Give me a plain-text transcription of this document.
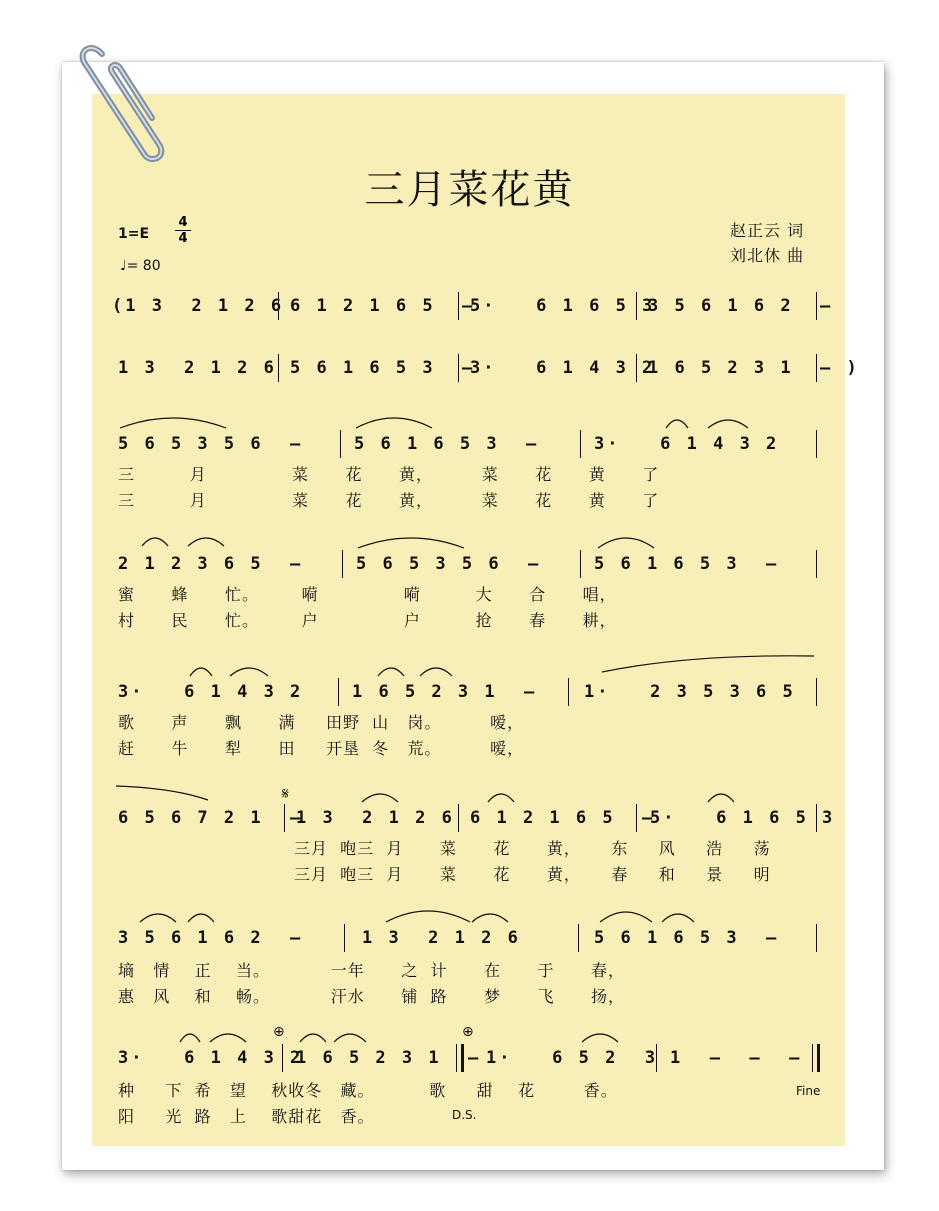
三月菜花黄
1=E
4
4
♩= 80
赵正云 词
刘北休 曲
(1 3  2 1 2 6 6 1 2 1 6 5  –
5·   6 1 6 5 3
3 5 6 1 6 2  –
1 3  2 1 2 6 5 6 1 6 5 3  –
3·   6 1 4 3 2
1 6 5 2 3 1  – )
5 6 5 3 5 6  –	5 6 1 6 5 3  –	3·   6 1 4 3 2
三         月              菜      花      黄，        菜      花      黄      了
三         月              菜      花      黄，        菜      花      黄      了
2 1 2 3 6 5  –	5 6 5 3 5 6  –	5 6 1 6 5 3  –
蜜      蜂      忙。       嗬              嗬         大      合      唱，
村      民      忙。       户              户         抢      春      耕，
3·   6 1 4 3 2	1 6 5 2 3 1  –	1·   2 3 5 3 6 5
歌      声      飘      满     田野  山   岗。        嗳，
赶      牛      犁      田     开垦  冬   荒。        嗳，
𝄋
6 5 6 7 2 1  –
1 3  2 1 2 6 6 1 2 1 6 5  –
5·   6 1 6 5 3
三月  咆三  月      菜      花      黄，     东     风     浩     荡
三月  咆三  月      菜      花      黄，     春     和     景     明
3 5 6 1 6 2  –	1 3  2 1 2 6	5 6 1 6 5 3  –
墒   情    正    当。          一年      之  计      在      于      春，
惠   风    和    畅。          汗水      铺  路      梦      飞      扬，
⊕	⊕
3·   6 1 4 3 2
1 6 5 2 3 1  – 1·   6 5 2  3 1  –  –  –
种     下  希   望    秋收冬   藏。         歌     甜    花        香。
阳     光  路   上    歌甜花   香。
Fine
D.S.
